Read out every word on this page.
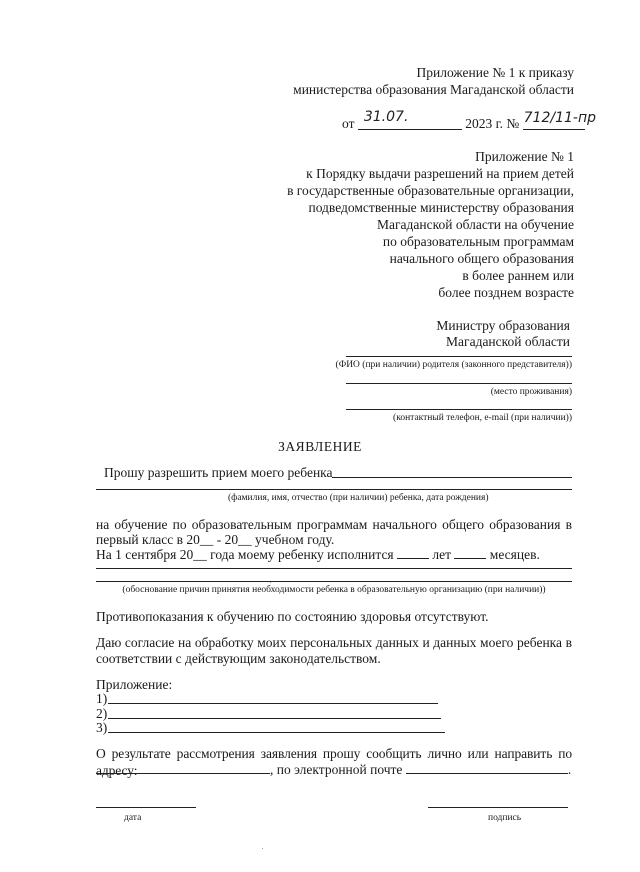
Приложение № 1 к приказу
министерства образования Магаданской области
от 31.07.	2023 г. № 712/11-пр
Приложение № 1
к Порядку выдачи разрешений на прием детей
в государственные образовательные организации,
подведомственные министерству образования
Магаданской области на обучение
по образовательным программам
начального общего образования
в более раннем или
более позднем возрасте
Министру образования
Магаданской области
(ФИО (при наличии) родителя (законного представителя))
(место проживания)
(контактный телефон, e-mail (при наличии))
ЗАЯВЛЕНИЕ
Прошу разрешить прием моего ребенка
(фамилия, имя, отчество (при наличии) ребенка, дата рождения)
на обучение по образовательным программам начального общего образования в
первый класс в 20__ - 20__ учебном году.
На 1 сентября 20__ года моему ребенку исполнится	лет	месяцев.
(обоснование причин принятия необходимости ребенка в образовательную организацию (при наличии))
Противопоказания к обучению по состоянию здоровья отсутствуют.
Даю согласие на обработку моих персональных данных и данных моего ребенка в
соответствии с действующим законодательством.
Приложение:
1)
2)
3)
О результате рассмотрения заявления прошу сообщить лично или направить по адресу:	, по электронной почте	.
дата	подпись
